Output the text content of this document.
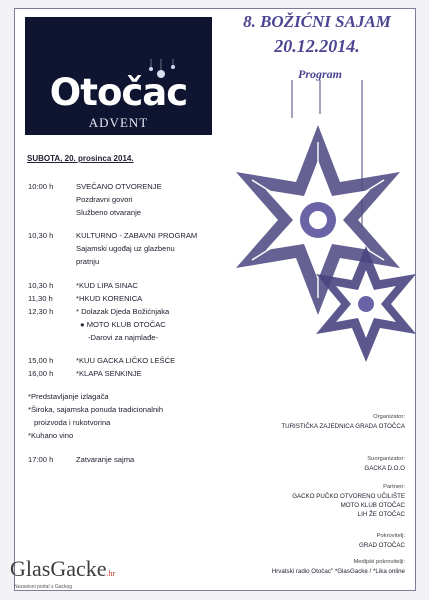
Otočac
ADVENT
8. BOŽIĆNI SAJAM
20.12.2014.
Program
SUBOTA, 20. prosinca 2014.
10:00 h	SVEČANO OTVORENJE
Pozdravni govori
Službeno otvaranje
10,30 h	KULTURNO - ZABAVNI PROGRAM
Sajamski ugođaj uz glazbenu
pratnju
10,30 h	*KUD LIPA SINAC
11,30 h	*HKUD KORENICA
12,30 h	* Dolazak Djeda Božićnjaka
● MOTO KLUB OTOČAC
-Darovi za najmlađe-
15,00 h	*KUU GACKA LIČKO LEŠĆE
16,00 h	*KLAPA SENKINJE
*Predstavljanje izlagača
*Široka, sajamska ponuda tradicionalnih
proizvoda i rukotvorina
*Kuhano vino
17:00 h	Zatvaranje sajma
Organizator:
TURISTIČKA ZAJEDNICA GRADA OTOČCA
Suorganizator:
GACKA D.O.O
Partneri:
GACKO PUČKO OTVORENO UČILIŠTE
MOTO KLUB OTOČAC
LIH ŽE OTOČAC
Pokrovitelj:
GRAD OTOČAC
Medijski pokrovitelji:
Hrvatski radio Otočac" *GlasGacke / *Lika online
GlasGacke.hr
Nezavisni portal s Gackog
